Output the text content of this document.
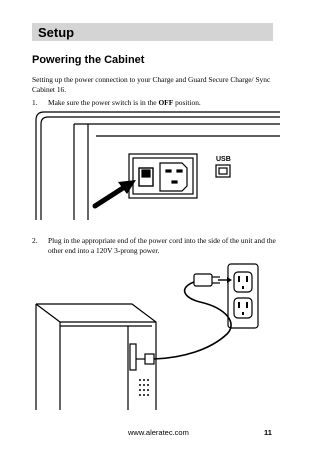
Setup
Powering the Cabinet
Setting up the power connection to your Charge and Guard Secure Charge/ Sync Cabinet 16.
1. Make sure the power switch is in the OFF position.
USB
2. Plug in the appropriate end of the power cord into the side of the unit and the other end into a 120V 3-prong power.
www.aleratec.com	11
